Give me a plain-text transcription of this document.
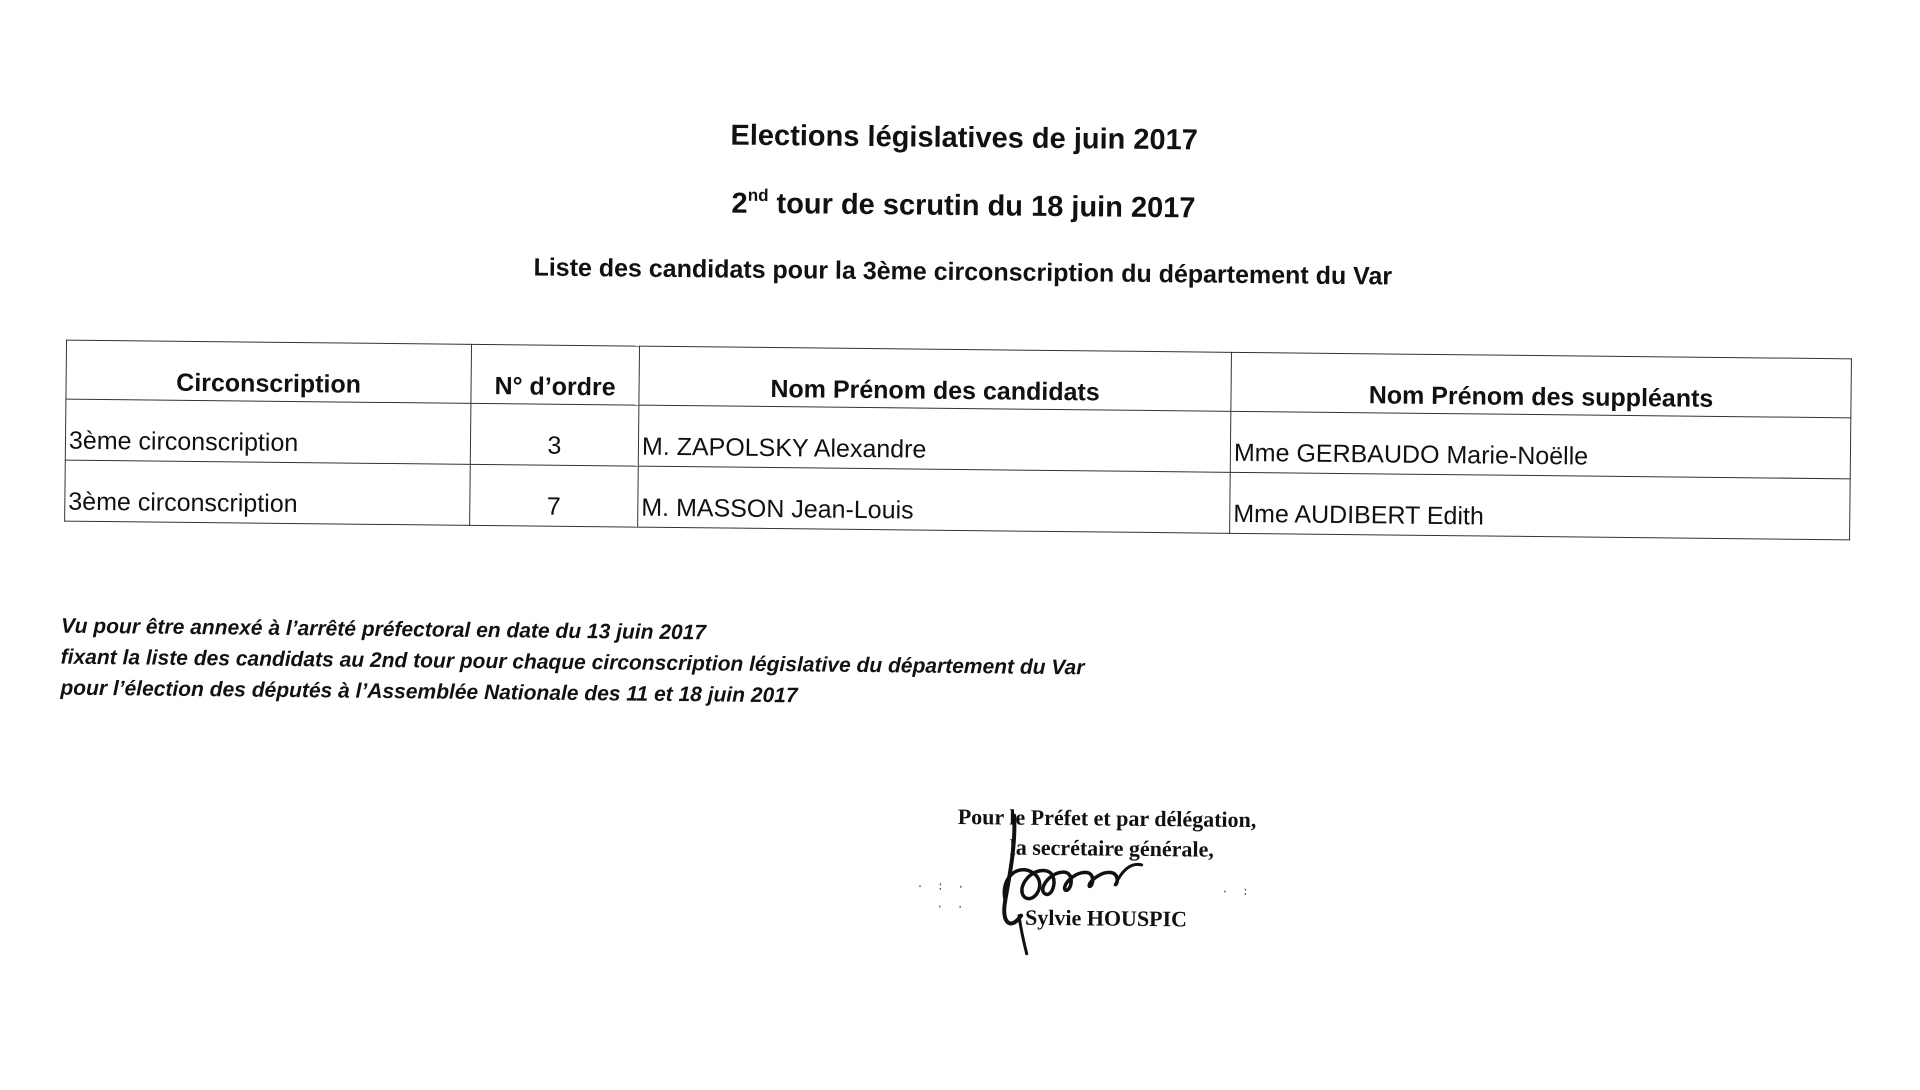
Elections législatives de juin 2017
2nd tour de scrutin du 18 juin 2017
Liste des candidats pour la 3ème circonscription du département du Var
Circonscription	N° d’ordre	Nom Prénom des candidats	Nom Prénom des suppléants
3ème circonscription	3	M. ZAPOLSKY Alexandre	Mme GERBAUDO Marie-Noëlle
3ème circonscription	7	M. MASSON Jean-Louis	Mme AUDIBERT Edith
Vu pour être annexé à l’arrêté préfectoral en date du 13 juin 2017
fixant la liste des candidats au 2nd tour pour chaque circonscription législative du département du Var
pour l’élection des députés à l’Assemblée Nationale des 11 et 18 juin 2017
Pour le Préfet et par délégation,
la secrétaire générale,
Sylvie HOUSPIC
· : ·
· ·
· :
